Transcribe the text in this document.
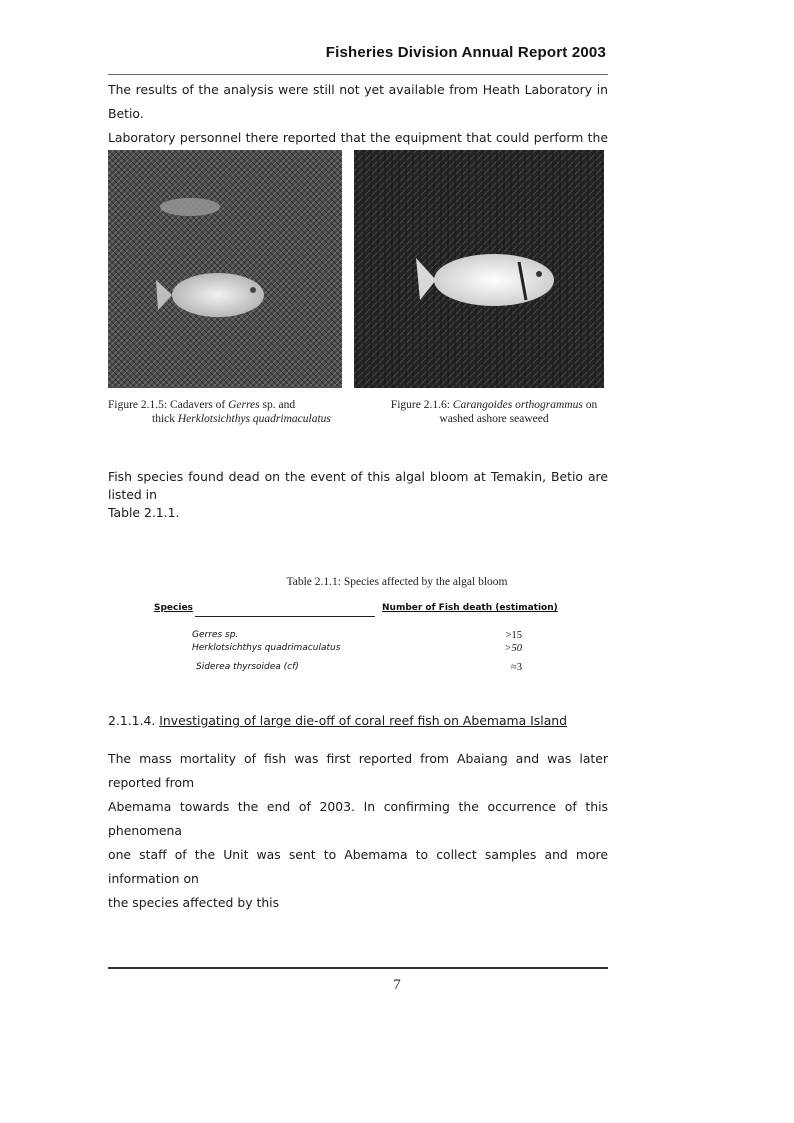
Fisheries Division Annual Report 2003
The results of the analysis were still not yet available from Heath Laboratory in Betio.
Laboratory personnel there reported that the equipment that could perform the
Figure 2.1.5: Cadavers of Gerres sp. and
thick Herklotsichthys quadrimaculatus
Figure 2.1.6: Carangoides orthogrammus on
washed ashore seaweed
Fish species found dead on the event of this algal bloom at Temakin, Betio are listed in
Table 2.1.1.
Table 2.1.1: Species affected by the algal bloom
Species	Number of Fish death (estimation)
Gerres sp.	>15
Herklotsichthys quadrimaculatus	>50
Siderea thyrsoidea (cf)	≈3
2.1.1.4. Investigating of large die-off of coral reef fish on Abemama Island
The mass mortality of fish was first reported from Abaiang and was later reported from
Abemama towards the end of 2003. In confirming the occurrence of this phenomena
one staff of the Unit was sent to Abemama to collect samples and more information on
the species affected by this
7
